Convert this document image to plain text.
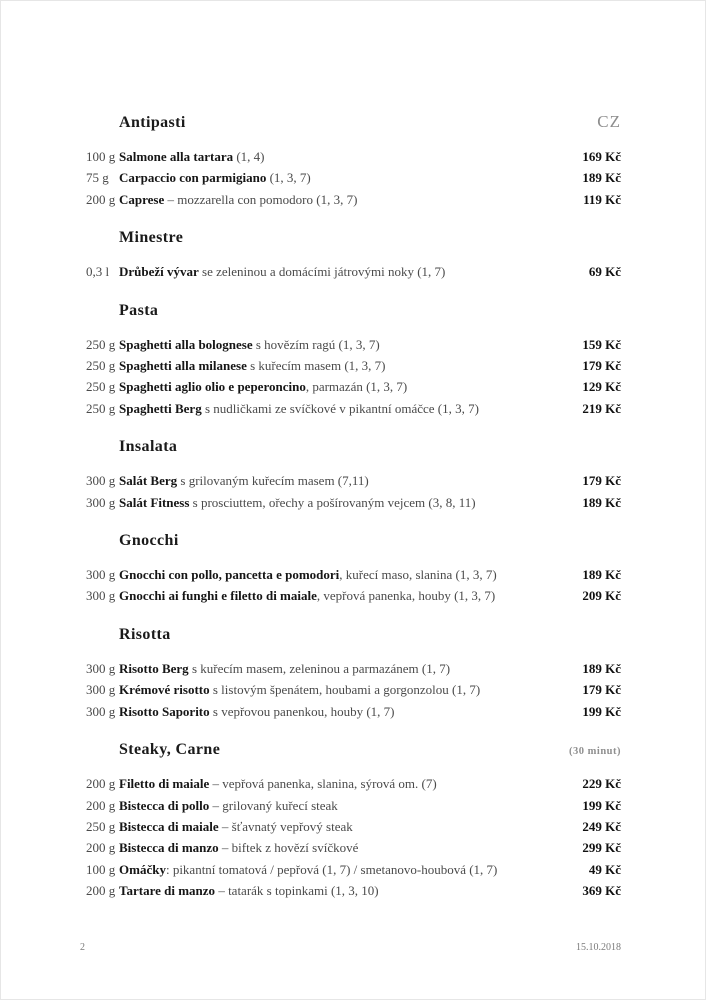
CZ
Antipasti
100 g Salmone alla tartara (1, 4)	169 Kč
75 g Carpaccio con parmigiano (1, 3, 7)	189 Kč
200 g Caprese – mozzarella con pomodoro (1, 3, 7)	119 Kč
Minestre
0,3 l Drůbeží vývar se zeleninou a domácími játrovými noky (1, 7)	69 Kč
Pasta
250 g Spaghetti alla bolognese s hovězím ragú (1, 3, 7)	159 Kč
250 g Spaghetti alla milanese s kuřecím masem (1, 3, 7)	179 Kč
250 g Spaghetti aglio olio e peperoncino, parmazán (1, 3, 7)	129 Kč
250 g Spaghetti Berg s nudličkami ze svíčkové v pikantní omáčce (1, 3, 7)	219 Kč
Insalata
300 g Salát Berg s grilovaným kuřecím masem (7,11)	179 Kč
300 g Salát Fitness s prosciuttem, ořechy a pošírovaným vejcem (3, 8, 11)	189 Kč
Gnocchi
300 g Gnocchi con pollo, pancetta e pomodori, kuřecí maso, slanina (1, 3, 7)	189 Kč
300 g Gnocchi ai funghi e filetto di maiale, vepřová panenka, houby (1, 3, 7)	209 Kč
Risotta
300 g Risotto Berg s kuřecím masem, zeleninou a parmazánem (1, 7)	189 Kč
300 g Krémové risotto s listovým špenátem, houbami a gorgonzolou (1, 7)	179 Kč
300 g Risotto Saporito s vepřovou panenkou, houby (1, 7)	199 Kč
Steaky, Carne	(30 minut)
200 g Filetto di maiale – vepřová panenka, slanina, sýrová om. (7)	229 Kč
200 g Bistecca di pollo – grilovaný kuřecí steak	199 Kč
250 g Bistecca di maiale – šťavnatý vepřový steak	249 Kč
200 g Bistecca di manzo – biftek z hovězí svíčkové	299 Kč
100 g Omáčky: pikantní tomatová / pepřová (1, 7) / smetanovo-houbová (1, 7)	49 Kč
200 g Tartare di manzo – tatarák s topinkami (1, 3, 10)	369 Kč
2	15.10.2018
